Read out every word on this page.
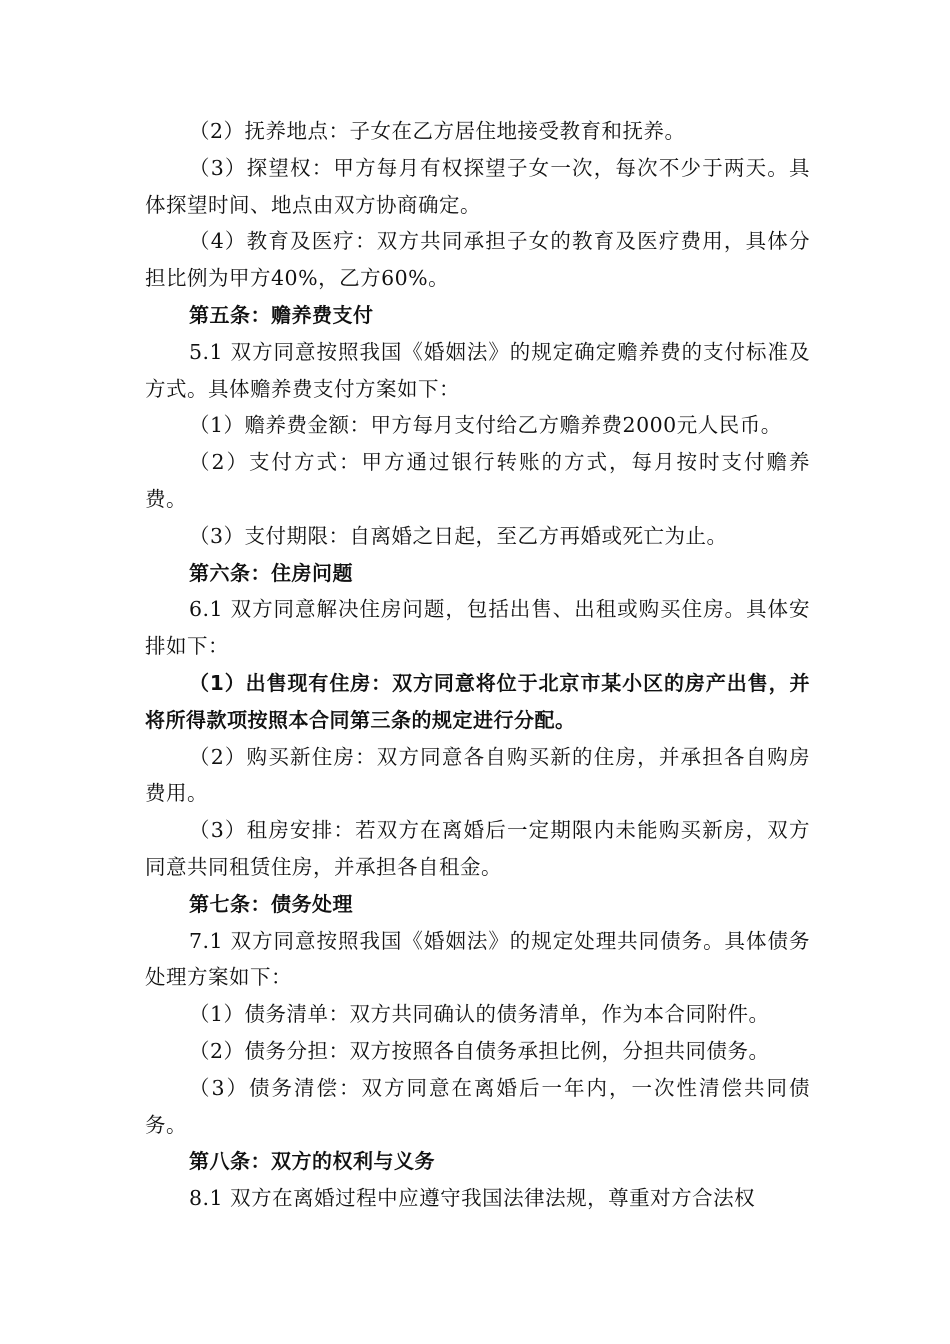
（2）抚养地点：子女在乙方居住地接受教育和抚养。

（3）探望权：甲方每月有权探望子女一次，每次不少于两天。具体探望时间、地点由双方协商确定。

（4）教育及医疗：双方共同承担子女的教育及医疗费用，具体分担比例为甲方40%，乙方60%。

第五条：赡养费支付

5.1 双方同意按照我国《婚姻法》的规定确定赡养费的支付标准及方式。具体赡养费支付方案如下：

（1）赡养费金额：甲方每月支付给乙方赡养费2000元人民币。

（2）支付方式：甲方通过银行转账的方式，每月按时支付赡养费。

（3）支付期限：自离婚之日起，至乙方再婚或死亡为止。

第六条：住房问题

6.1 双方同意解决住房问题，包括出售、出租或购买住房。具体安排如下：

（1）出售现有住房：双方同意将位于北京市某小区的房产出售，并将所得款项按照本合同第三条的规定进行分配。

（2）购买新住房：双方同意各自购买新的住房，并承担各自购房费用。

（3）租房安排：若双方在离婚后一定期限内未能购买新房，双方同意共同租赁住房，并承担各自租金。

第七条：债务处理

7.1 双方同意按照我国《婚姻法》的规定处理共同债务。具体债务处理方案如下：

（1）债务清单：双方共同确认的债务清单，作为本合同附件。

（2）债务分担：双方按照各自债务承担比例，分担共同债务。

（3）债务清偿：双方同意在离婚后一年内，一次性清偿共同债务。

第八条：双方的权利与义务

8.1 双方在离婚过程中应遵守我国法律法规，尊重对方合法权
